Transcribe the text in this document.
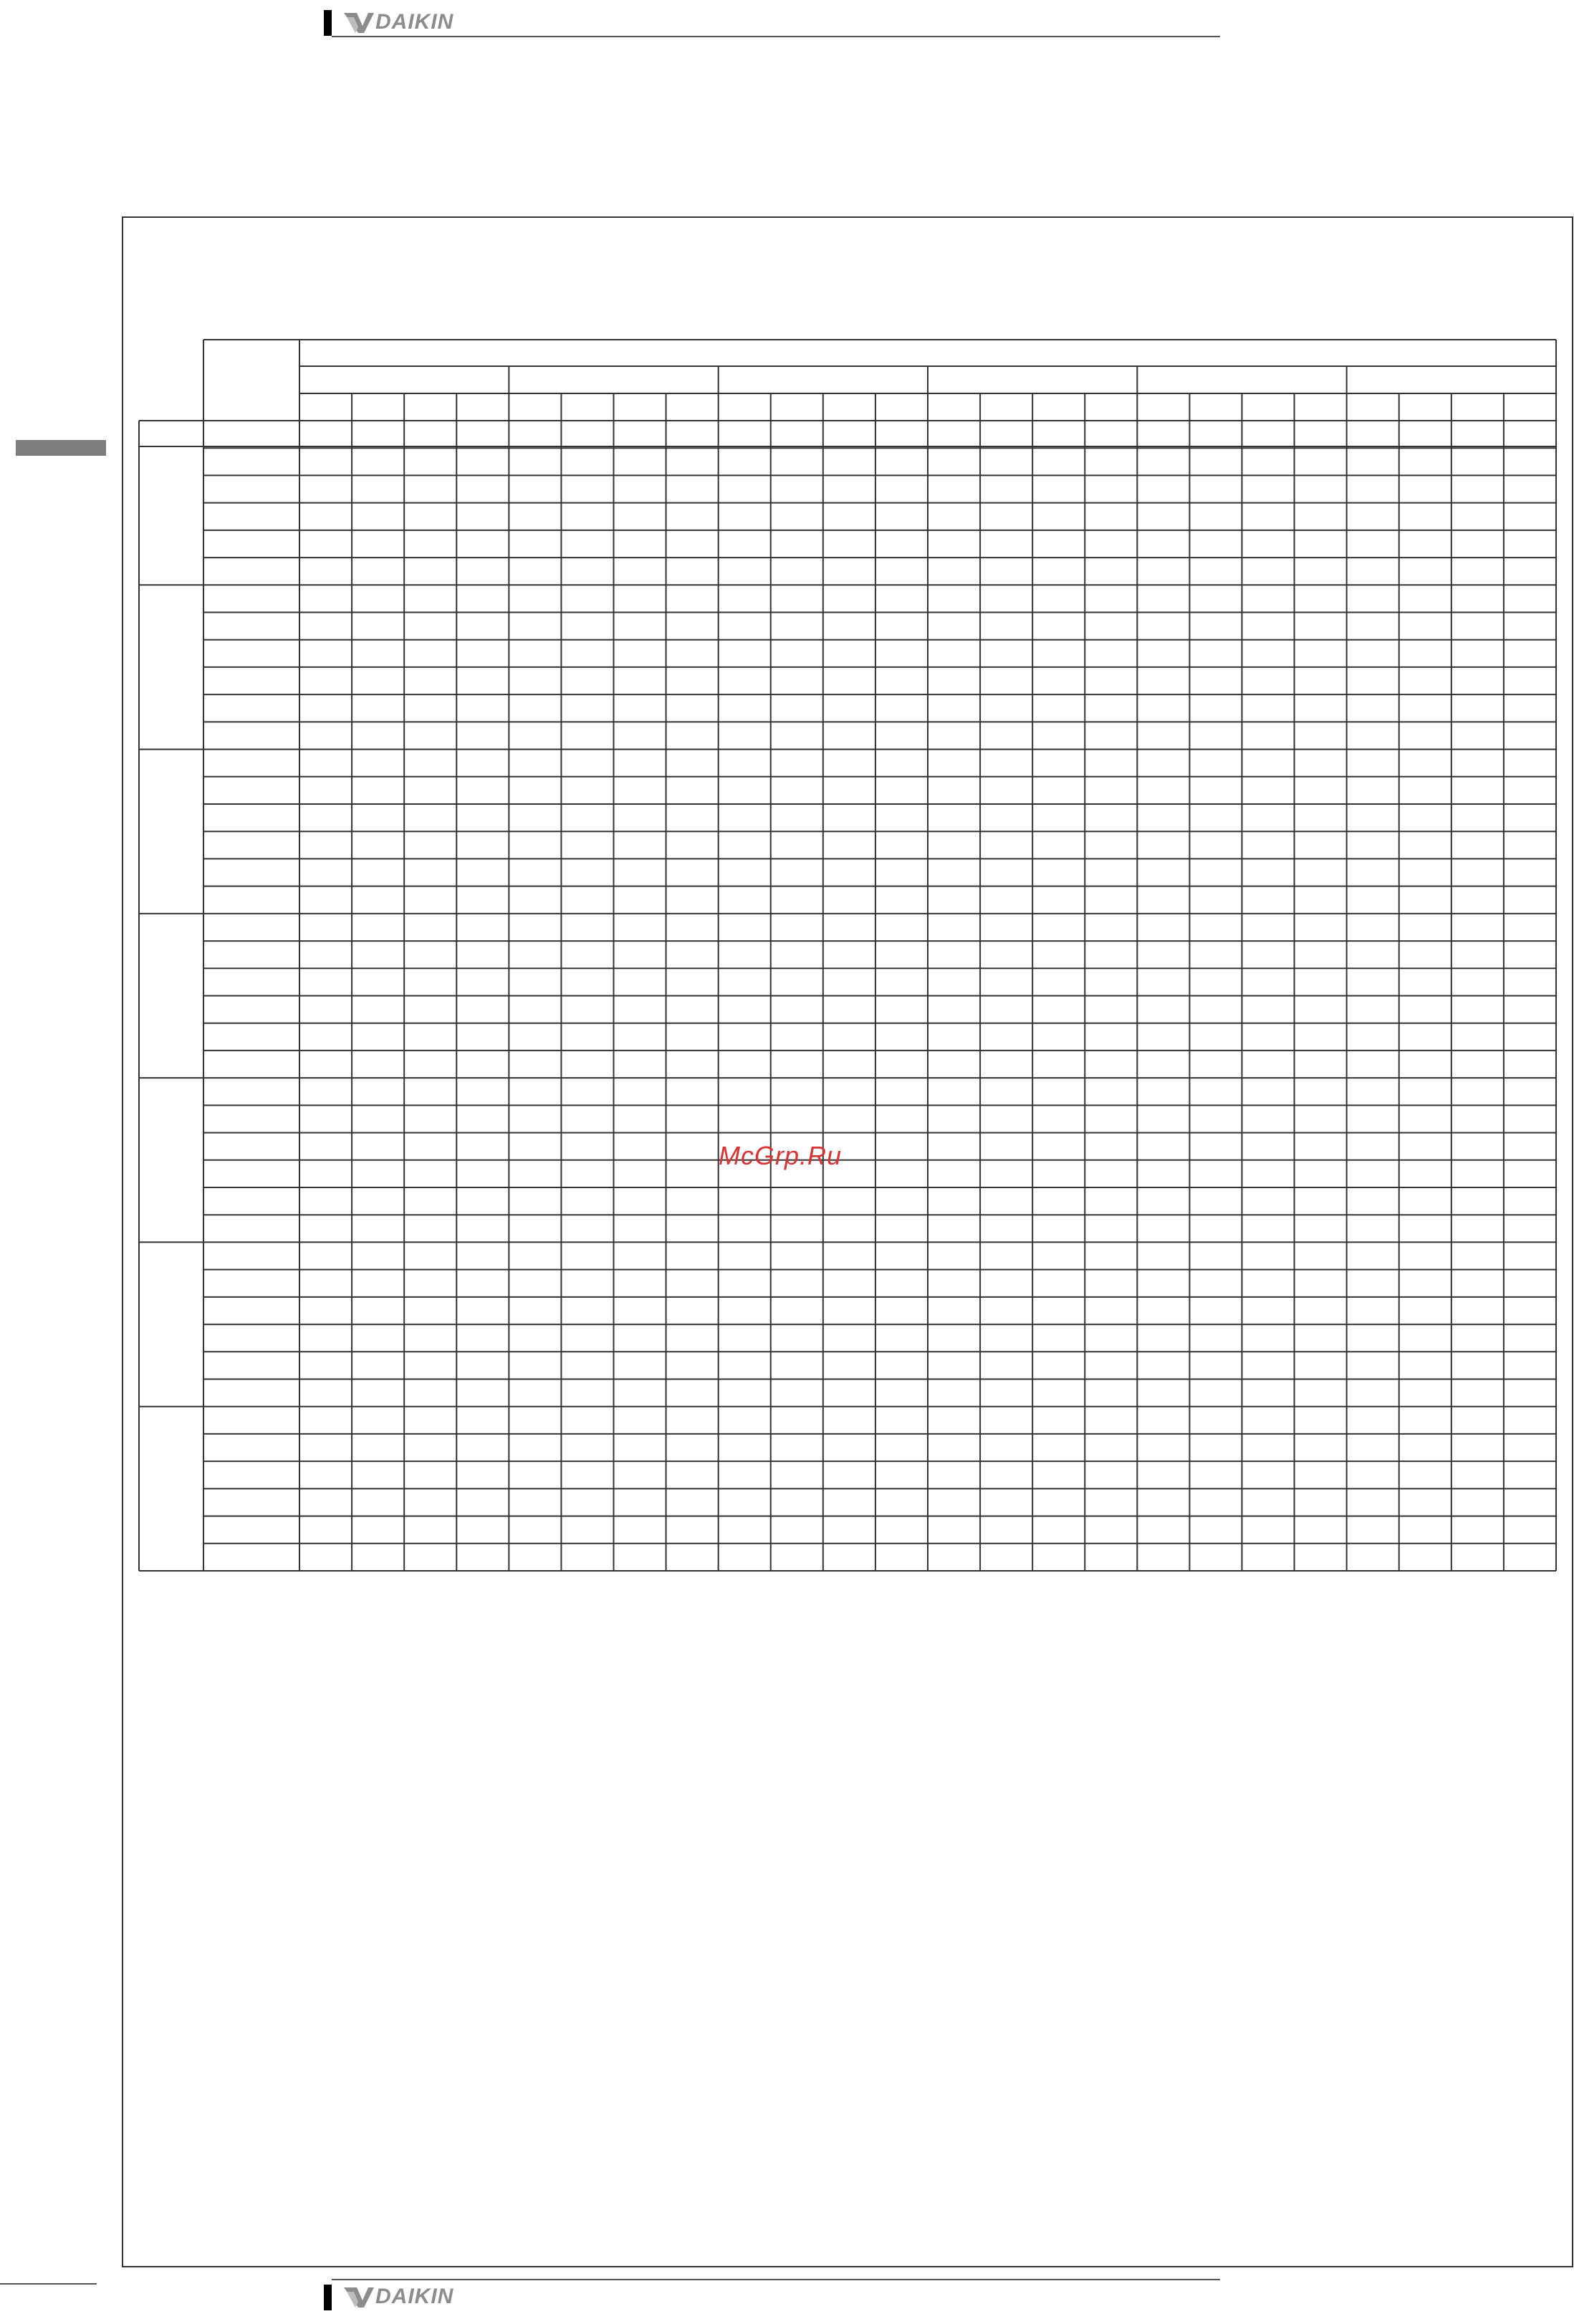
DAIKIN
McGrp.Ru
DAIKIN
